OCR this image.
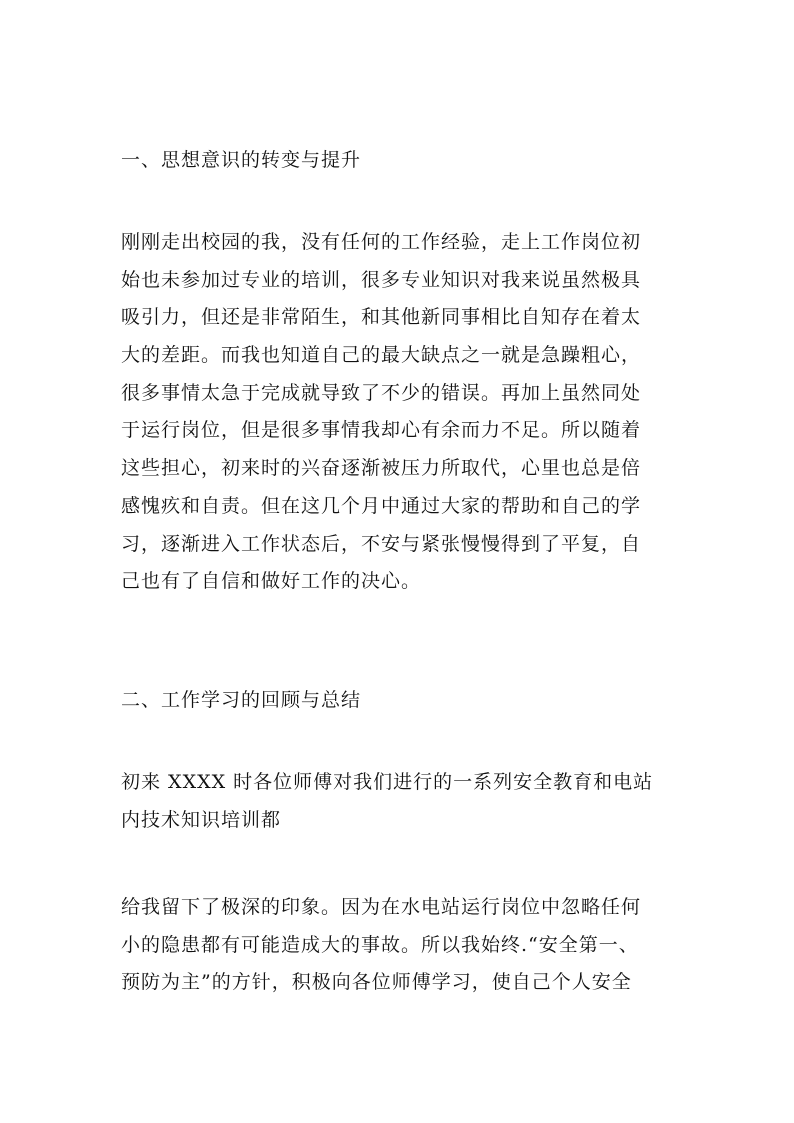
一、思想意识的转变与提升
刚刚走出校园的我，没有任何的工作经验，走上工作岗位初
始也未参加过专业的培训，很多专业知识对我来说虽然极具
吸引力，但还是非常陌生，和其他新同事相比自知存在着太
大的差距。而我也知道自己的最大缺点之一就是急躁粗心，
很多事情太急于完成就导致了不少的错误。再加上虽然同处
于运行岗位，但是很多事情我却心有余而力不足。所以随着
这些担心，初来时的兴奋逐渐被压力所取代，心里也总是倍
感愧疚和自责。但在这几个月中通过大家的帮助和自己的学
习，逐渐进入工作状态后，不安与紧张慢慢得到了平复，自
己也有了自信和做好工作的决心。
二、工作学习的回顾与总结
初来 XXXX 时各位师傅对我们进行的一系列安全教育和电站
内技术知识培训都
给我留下了极深的印象。因为在水电站运行岗位中忽略任何
小的隐患都有可能造成大的事故。所以我始终.“安全第一、
预防为主”的方针，积极向各位师傅学习，使自己个人安全
